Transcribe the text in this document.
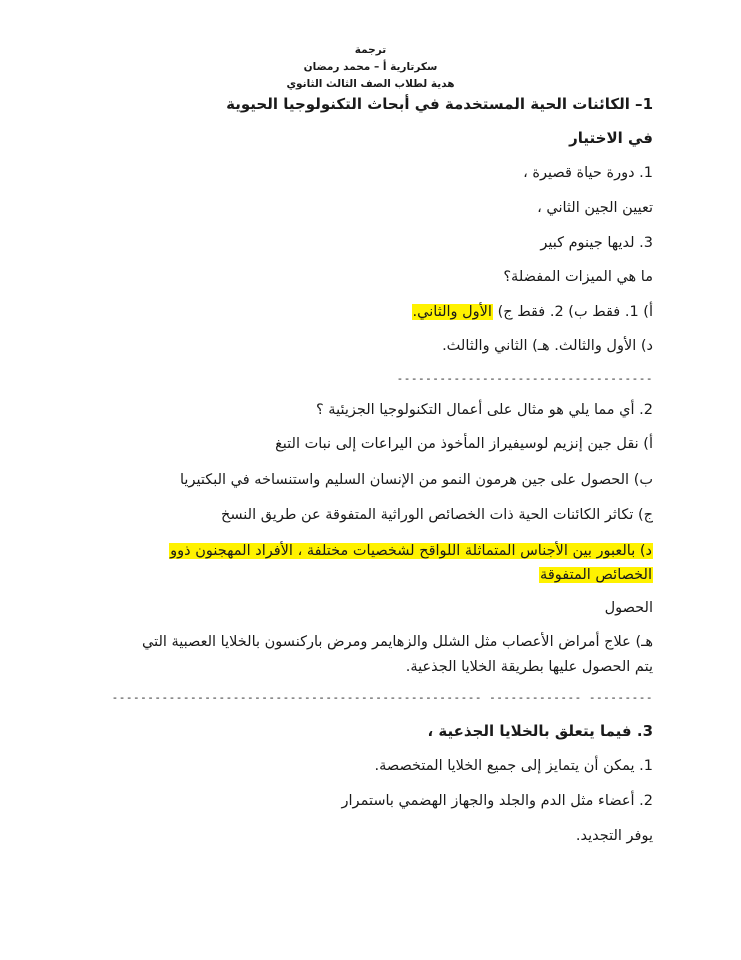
ترجمة
سكرتارية أ – محمد رمضان
هدية لطلاب الصف الثالث الثانوي
1– الكائنات الحية المستخدمة في أبحاث التكنولوجيا الحيوية
في الاختيار
1. دورة حياة قصيرة ،
تعيين الجين الثاني ،
3. لديها جينوم كبير
ما هي الميزات المفضلة؟
أ) 1. فقط ب) 2. فقط ج) الأول والثاني.
د) الأول والثالث. هـ) الثاني والثالث.
------------------------------------
2. أي مما يلي هو مثال على أعمال التكنولوجيا الجزيئية ؟
أ) نقل جين إنزيم لوسيفيراز المأخوذ من اليراعات إلى نبات التبغ
ب) الحصول على جين هرمون النمو من الإنسان السليم واستنساخه في البكتيريا
ج) تكاثر الكائنات الحية ذات الخصائص الوراثية المتفوقة عن طريق النسخ
د) بالعبور بين الأجناس المتماثلة اللواقح لشخصيات مختلفة ، الأفراد المهجنون ذوو
الخصائص المتفوقة
الحصول
هـ) علاج أمراض الأعصاب مثل الشلل والزهايمر ومرض باركنسون بالخلايا العصبية التي
يتم الحصول عليها بطريقة الخلايا الجذعية.
---------------------------------------------------- ------------- ---------
3. فيما يتعلق بالخلايا الجذعية ،
1. يمكن أن يتمايز إلى جميع الخلايا المتخصصة.
2. أعضاء مثل الدم والجلد والجهاز الهضمي باستمرار
يوفر التجديد.
